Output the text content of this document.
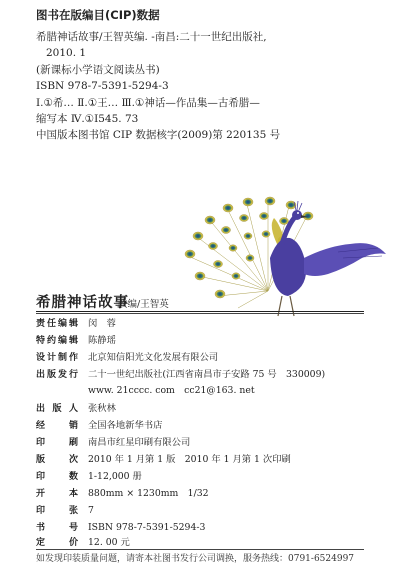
图书在版编目(CIP)数据
希腊神话故事/王智英编. -南昌:二十一世纪出版社,
2010. 1
(新课标小学语文阅读丛书)
ISBN 978-7-5391-5294-3
Ⅰ.①希… Ⅱ.①王… Ⅲ.①神话—作品集—古希腊—
缩写本 Ⅳ.①I545. 73
中国版本图书馆 CIP 数据核字(2009)第 220135 号
希腊神话故事
改编/王智英
责任编辑 闵　蓉
特约编辑 陈静瑶
设计制作 北京知信阳光文化发展有限公司
出版发行 二十一世纪出版社(江西省南昌市子安路 75 号　330009)
www. 21cccc. com　cc21@163. net
出版人 张秋林
经销 全国各地新华书店
印刷 南昌市红星印刷有限公司
版次 2010 年 1 月第 1 版　2010 年 1 月第 1 次印刷
印数 1-12,000 册
开本 880mm × 1230mm　1/32
印张 7
书号 ISBN 978-7-5391-5294-3
定价 12. 00 元
如发现印装质量问题，请寄本社图书发行公司调换，服务热线：0791-6524997
